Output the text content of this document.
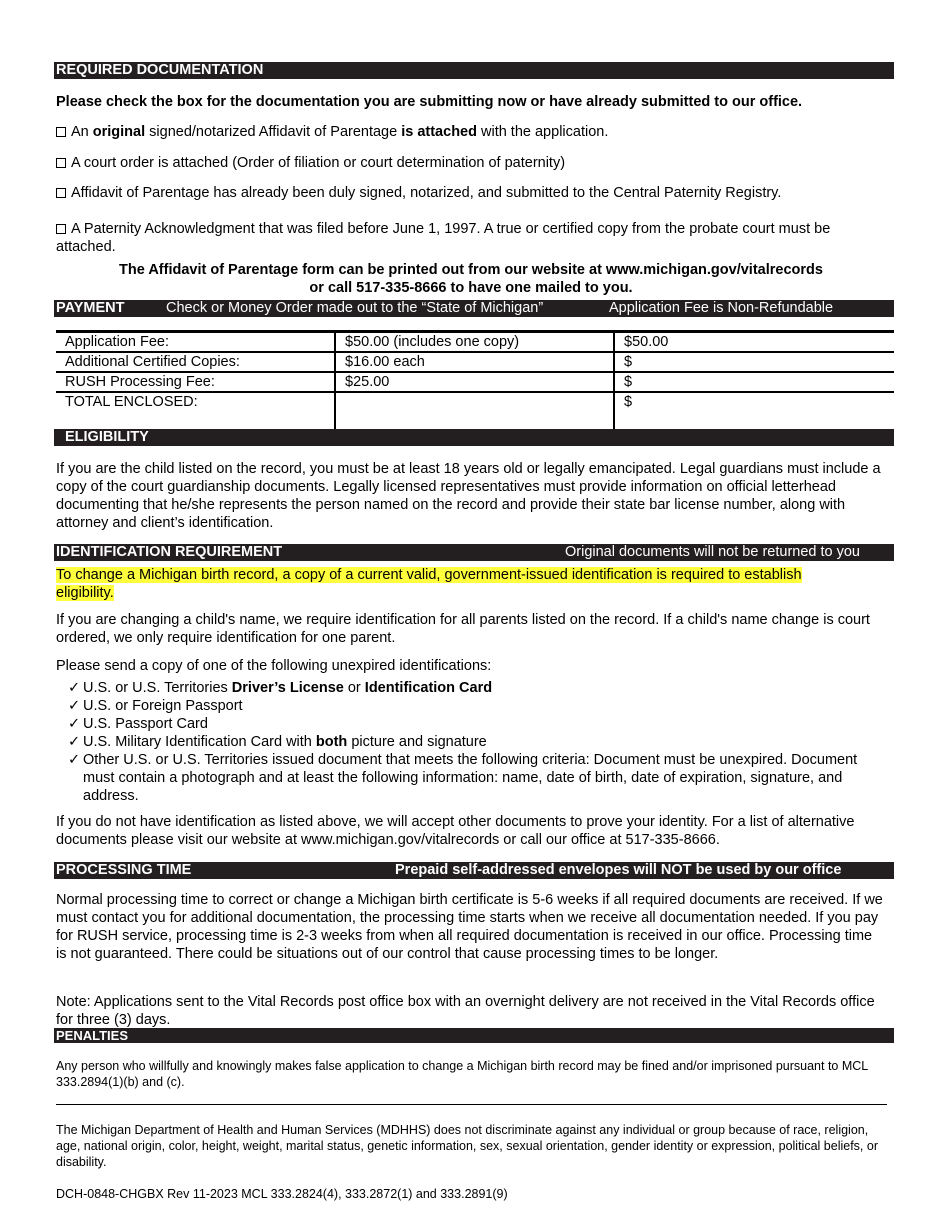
REQUIRED DOCUMENTATION
Please check the box for the documentation you are submitting now or have already submitted to our office.
An original signed/notarized Affidavit of Parentage is attached with the application.
A court order is attached (Order of filiation or court determination of paternity)
Affidavit of Parentage has already been duly signed, notarized, and submitted to the Central Paternity Registry.
A Paternity Acknowledgment that was filed before June 1, 1997. A true or certified copy from the probate court must be attached.
The Affidavit of Parentage form can be printed out from our website at www.michigan.gov/vitalrecords
or call 517-335-8666 to have one mailed to you.
PAYMENT	Check or Money Order made out to the “State of Michigan”	Application Fee is Non-Refundable
Application Fee:	$50.00 (includes one copy)	$50.00
Additional Certified Copies:	$16.00 each	$
RUSH Processing Fee:	$25.00	$
TOTAL ENCLOSED:		$
ELIGIBILITY
If you are the child listed on the record, you must be at least 18 years old or legally emancipated. Legal guardians must include a copy of the court guardianship documents. Legally licensed representatives must provide information on official letterhead documenting that he/she represents the person named on the record and provide their state bar license number, along with attorney and client’s identification.
IDENTIFICATION REQUIREMENT	Original documents will not be returned to you
To change a Michigan birth record, a copy of a current valid, government-issued identification is required to establish eligibility.
If you are changing a child's name, we require identification for all parents listed on the record. If a child's name change is court ordered, we only require identification for one parent.
Please send a copy of one of the following unexpired identifications:
✓ U.S. or U.S. Territories Driver’s License or Identification Card
✓ U.S. or Foreign Passport
✓ U.S. Passport Card
✓ U.S. Military Identification Card with both picture and signature
✓ Other U.S. or U.S. Territories issued document that meets the following criteria: Document must be unexpired. Document must contain a photograph and at least the following information: name, date of birth, date of expiration, signature, and address.
If you do not have identification as listed above, we will accept other documents to prove your identity. For a list of alternative documents please visit our website at www.michigan.gov/vitalrecords or call our office at 517-335-8666.
PROCESSING TIME	Prepaid self-addressed envelopes will NOT be used by our office
Normal processing time to correct or change a Michigan birth certificate is 5-6 weeks if all required documents are received. If we must contact you for additional documentation, the processing time starts when we receive all documentation needed. If you pay for RUSH service, processing time is 2-3 weeks from when all required documentation is received in our office. Processing time is not guaranteed. There could be situations out of our control that cause processing times to be longer.
Note: Applications sent to the Vital Records post office box with an overnight delivery are not received in the Vital Records office for three (3) days.
PENALTIES
Any person who willfully and knowingly makes false application to change a Michigan birth record may be fined and/or imprisoned pursuant to MCL 333.2894(1)(b) and (c).
The Michigan Department of Health and Human Services (MDHHS) does not discriminate against any individual or group because of race, religion, age, national origin, color, height, weight, marital status, genetic information, sex, sexual orientation, gender identity or expression, political beliefs, or disability.
DCH-0848-CHGBX Rev 11-2023 MCL 333.2824(4), 333.2872(1) and 333.2891(9)
